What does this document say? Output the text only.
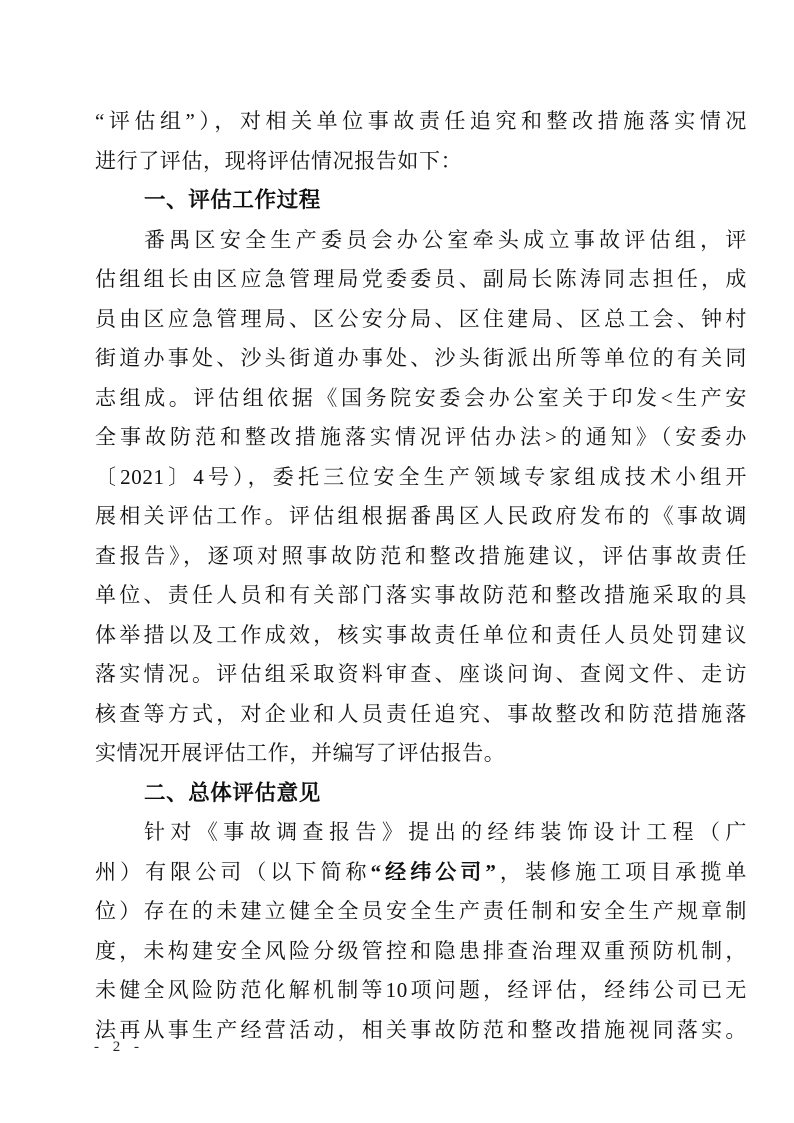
“评估组”），对相关单位事故责任追究和整改措施落实情况
进行了评估，现将评估情况报告如下：
一、评估工作过程
番禺区安全生产委员会办公室牵头成立事故评估组，评
估组组长由区应急管理局党委委员、副局长陈涛同志担任，成
员由区应急管理局、区公安分局、区住建局、区总工会、钟村
街道办事处、沙头街道办事处、沙头街派出所等单位的有关同
志组成。评估组依据《国务院安委会办公室关于印发<生产安
全事故防范和整改措施落实情况评估办法>的通知》（安委办
〔2021〕4号），委托三位安全生产领域专家组成技术小组开
展相关评估工作。评估组根据番禺区人民政府发布的《事故调
查报告》，逐项对照事故防范和整改措施建议，评估事故责任
单位、责任人员和有关部门落实事故防范和整改措施采取的具
体举措以及工作成效，核实事故责任单位和责任人员处罚建议
落实情况。评估组采取资料审查、座谈问询、查阅文件、走访
核查等方式，对企业和人员责任追究、事故整改和防范措施落
实情况开展评估工作，并编写了评估报告。
二、总体评估意见
针对《事故调查报告》提出的经纬装饰设计工程（广
州）有限公司（以下简称“经纬公司”，装修施工项目承揽单
位）存在的未建立健全全员安全生产责任制和安全生产规章制
度，未构建安全风险分级管控和隐患排查治理双重预防机制，
未健全风险防范化解机制等10项问题，经评估，经纬公司已无
法再从事生产经营活动，相关事故防范和整改措施视同落实。
- 2 -
